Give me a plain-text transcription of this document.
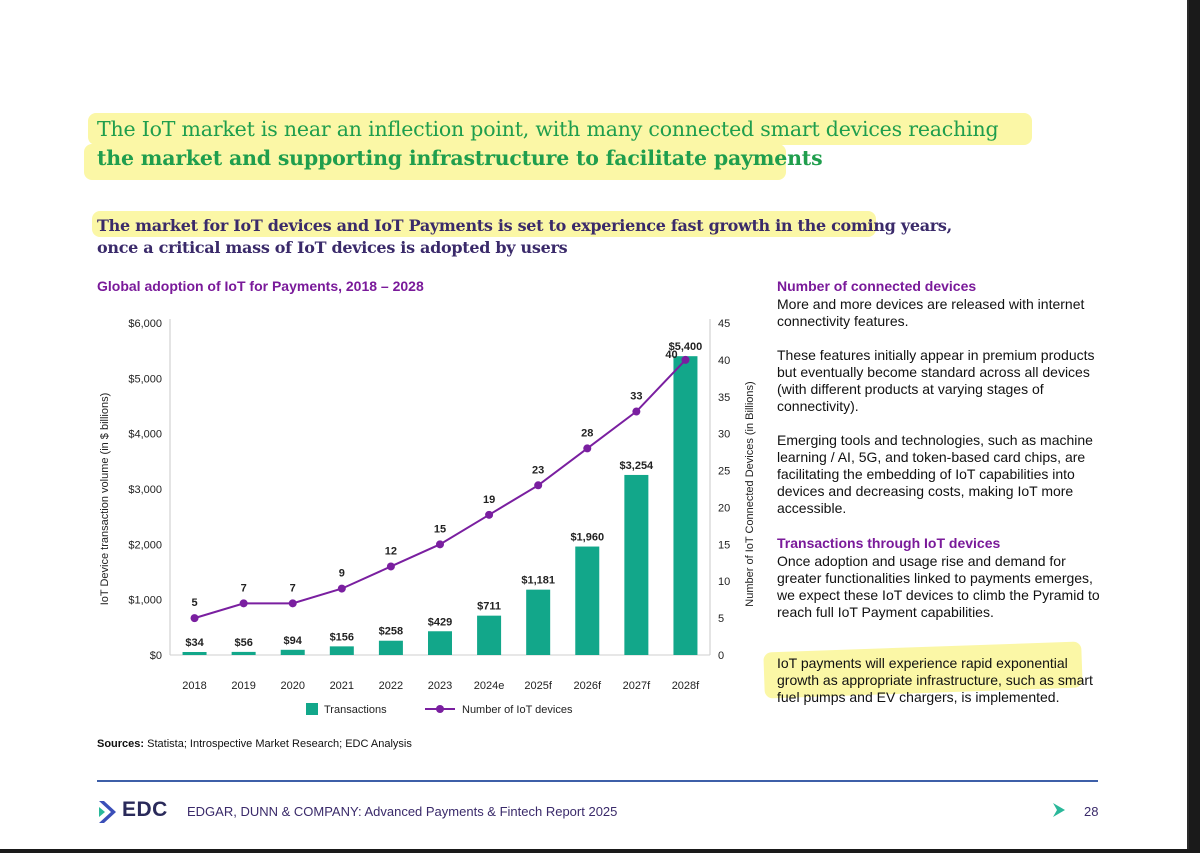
The IoT market is near an inflection point, with many connected smart devices reaching
the market and supporting infrastructure to facilitate payments
The market for IoT devices and IoT Payments is set to experience fast growth in the coming years,
once a critical mass of IoT devices is adopted by users
Global adoption of IoT for Payments, 2018 – 2028
$0
$1,000
$2,000
$3,000
$4,000
$5,000
$6,000
0
5
10
15
20
25
30
35
40
45
IoT Device transaction volume (in $ billions)	Number of IoT Connected Devices (in Billions)
$34	$56	$94	$156 $258
$429
$711
$1,181
$1,960
$3,254
$5,400
5
7	7
9
12
15
19
23
28
33
40
2018 2019 2020 2021 2022 2023 2024e 2025f 2026f 2027f 2028f
Transactions	Number of IoT devices
Number of connected devices

More and more devices are released with internet connectivity features.

These features initially appear in premium products but eventually become standard across all devices (with different products at varying stages of connectivity).

Emerging tools and technologies, such as machine learning / AI, 5G, and token-based card chips, are facilitating the embedding of IoT capabilities into devices and decreasing costs, making IoT more accessible.

Transactions through IoT devices

Once adoption and usage rise and demand for greater functionalities linked to payments emerges, we expect these IoT devices to climb the Pyramid to reach full IoT Payment capabilities.

IoT payments will experience rapid exponential growth as appropriate infrastructure, such as smart fuel pumps and EV chargers, is implemented.

Sources: Statista; Introspective Market Research; EDC Analysis
EDC EDGAR, DUNN & COMPANY: Advanced Payments & Fintech Report 2025	28
